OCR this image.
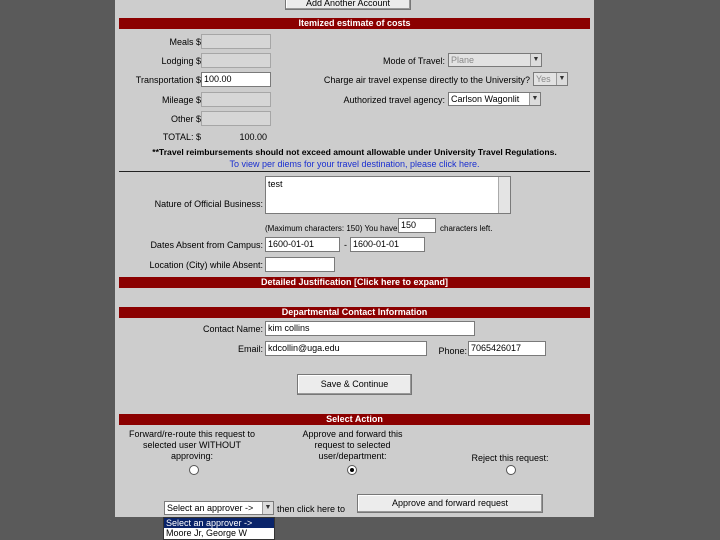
Add Another Account
Itemized estimate of costs
Meals $
Lodging $
Transportation $ 100.00
Mileage $
Other $
TOTAL: $	100.00
Mode of Travel: Plane	▼
Charge air travel expense directly to the University? Yes	▼
Authorized travel agency: Carlson Wagonlit	▼
**Travel reimbursements should not exceed amount allowable under University Travel Regulations.
To view per diems for your travel destination, please click here.
Nature of Official Business:
test
(Maximum characters: 150) You have 150	characters left.
Dates Absent from Campus: 1600-01-01	- 1600-01-01
Location (City) while Absent:
Detailed Justification [Click here to expand]
Departmental Contact Information
Contact Name: kim collins
Email: kdcollin@uga.edu	Phone: 7065426017
Save & Continue
Select Action
Forward/re-route this request to selected user WITHOUT approving:
Approve and forward this request to selected user/department:	Reject this request:
Select an approver ->	▼ then click here to
Approve and forward request
Select an approver ->
Moore Jr, George W
